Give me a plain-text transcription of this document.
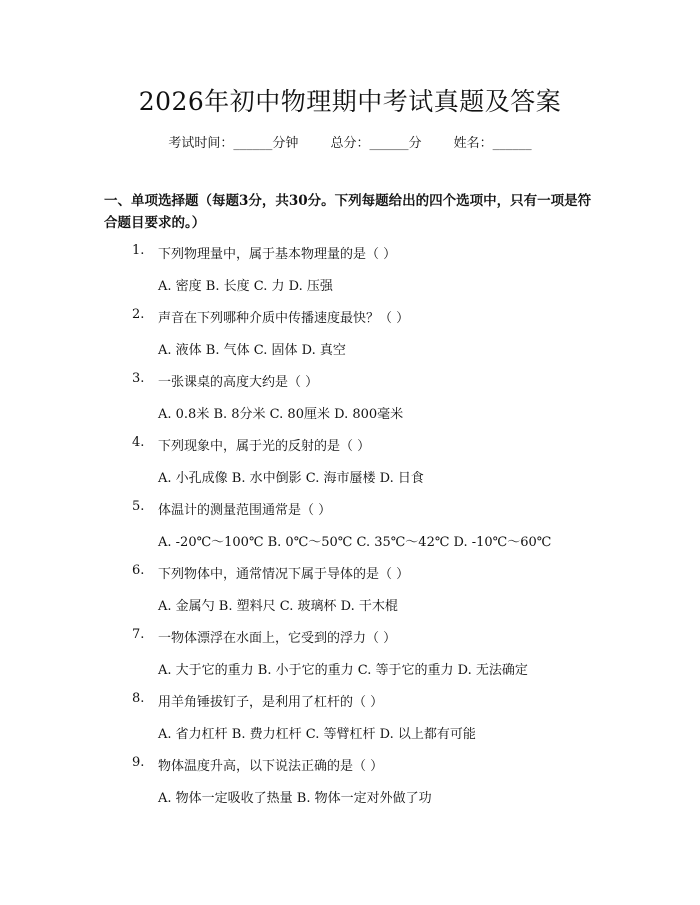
2026年初中物理期中考试真题及答案
考试时间：______分钟 总分：______分 姓名：______
一、单项选择题（每题3分，共30分。下列每题给出的四个选项中，只有一项是符合题目要求的。）
1. 下列物理量中，属于基本物理量的是（ ）
A. 密度 B. 长度 C. 力 D. 压强
2. 声音在下列哪种介质中传播速度最快？（ ）
A. 液体 B. 气体 C. 固体 D. 真空
3. 一张课桌的高度大约是（ ）
A. 0.8米 B. 8分米 C. 80厘米 D. 800毫米
4. 下列现象中，属于光的反射的是（ ）
A. 小孔成像 B. 水中倒影 C. 海市蜃楼 D. 日食
5. 体温计的测量范围通常是（ ）
A. -20℃～100℃ B. 0℃～50℃ C. 35℃～42℃ D. -10℃～60℃
6. 下列物体中，通常情况下属于导体的是（ ）
A. 金属勺 B. 塑料尺 C. 玻璃杯 D. 干木棍
7. 一物体漂浮在水面上，它受到的浮力（ ）
A. 大于它的重力 B. 小于它的重力 C. 等于它的重力 D. 无法确定
8. 用羊角锤拔钉子，是利用了杠杆的（ ）
A. 省力杠杆 B. 费力杠杆 C. 等臂杠杆 D. 以上都有可能
9. 物体温度升高，以下说法正确的是（ ）
A. 物体一定吸收了热量 B. 物体一定对外做了功
